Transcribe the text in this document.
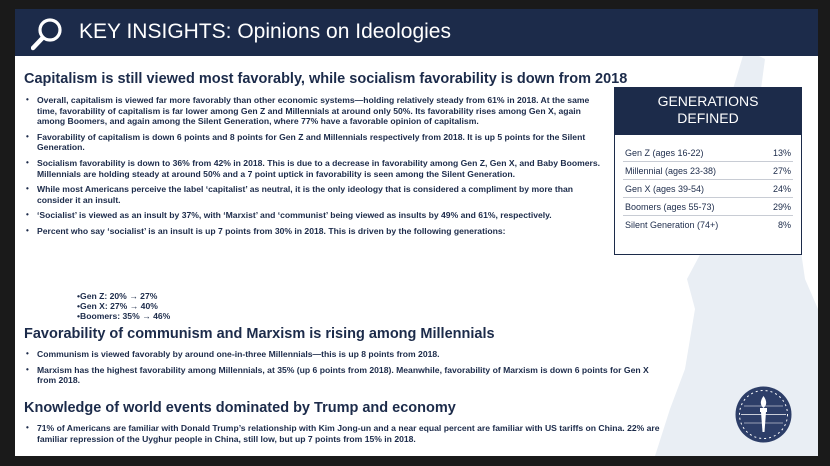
KEY INSIGHTS: Opinions on Ideologies
Capitalism is still viewed most favorably, while socialism favorability is down from 2018
• Overall, capitalism is viewed far more favorably than other economic systems—holding relatively steady from 61% in 2018. At the same time, favorability of capitalism is far lower among Gen Z and Millennials at around only 50%. Its favorability rises among Gen X, again among Boomers, and again among the Silent Generation, where 77% have a favorable opinion of capitalism.
• Favorability of capitalism is down 6 points and 8 points for Gen Z and Millennials respectively from 2018. It is up 5 points for the Silent Generation.
• Socialism favorability is down to 36% from 42% in 2018. This is due to a decrease in favorability among Gen Z, Gen X, and Baby Boomers. Millennials are holding steady at around 50% and a 7 point uptick in favorability is seen among the Silent Generation.
• While most Americans perceive the label ‘capitalist’ as neutral, it is the only ideology that is considered a compliment by more than consider it an insult.
• ‘Socialist’ is viewed as an insult by 37%, with ‘Marxist’ and ‘communist’ being viewed as insults by 49% and 61%, respectively.
• Percent who say ‘socialist’ is an insult is up 7 points from 30% in 2018. This is driven by the following generations:
•Gen Z: 20% → 27%
•Gen X: 27% → 40%
•Boomers: 35% → 46%
Favorability of communism and Marxism is rising among Millennials
• Communism is viewed favorably by around one-in-three Millennials—this is up 8 points from 2018.
• Marxism has the highest favorability among Millennials, at 35% (up 6 points from 2018). Meanwhile, favorability of Marxism is down 6 points for Gen X from 2018.
Knowledge of world events dominated by Trump and economy
• 71% of Americans are familiar with Donald Trump’s relationship with Kim Jong-un and a near equal percent are familiar with US tariffs on China. 22% are familiar repression of the Uyghur people in China, still low, but up 7 points from 15% in 2018.
GENERATIONS
DEFINED
Gen Z (ages 16-22)	13%
Millennial (ages 23-38)	27%
Gen X (ages 39-54)	24%
Boomers (ages 55-73)	29%
Silent Generation (74+)	8%
